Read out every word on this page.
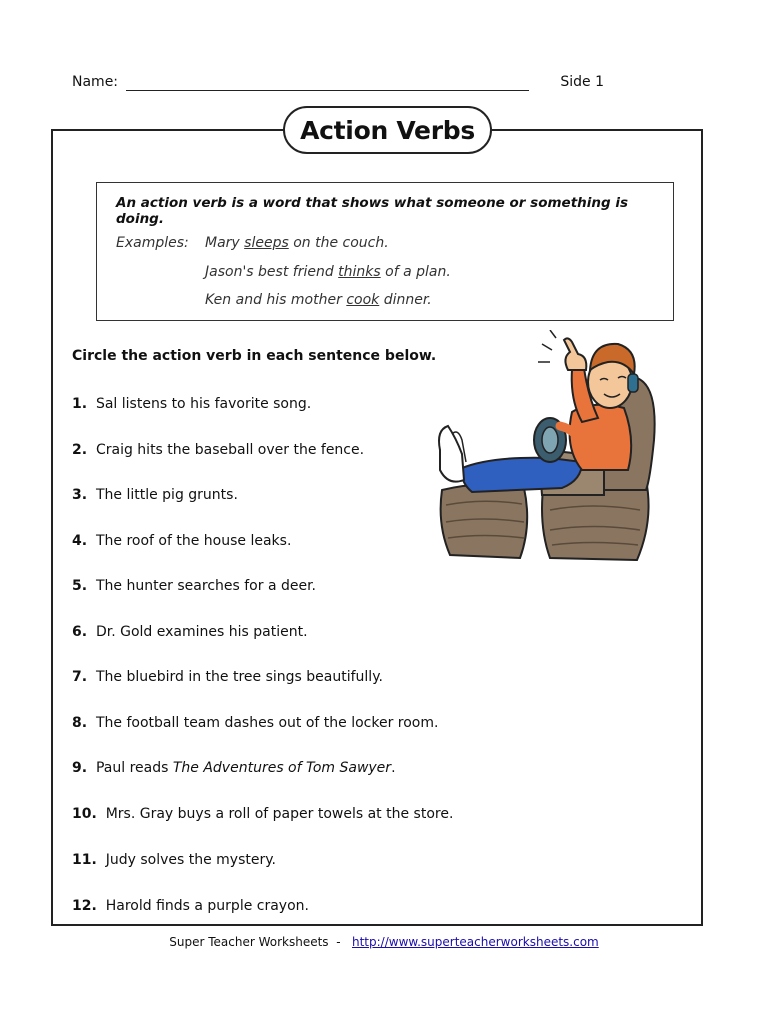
Name:	Side 1
Action Verbs
An action verb is a word that shows what someone or something is doing.
Examples: Mary sleeps on the couch.
Jason's best friend thinks of a plan.
Ken and his mother cook dinner.
Circle the action verb in each sentence below.
1. Sal listens to his favorite song.
2. Craig hits the baseball over the fence.
3. The little pig grunts.
4. The roof of the house leaks.
5. The hunter searches for a deer.
6. Dr. Gold examines his patient.
7. The bluebird in the tree sings beautifully.
8. The football team dashes out of the locker room.
9. Paul reads The Adventures of Tom Sawyer.
10. Mrs. Gray buys a roll of paper towels at the store.
11. Judy solves the mystery.
12. Harold finds a purple crayon.
Super Teacher Worksheets - http://www.superteacherworksheets.com
